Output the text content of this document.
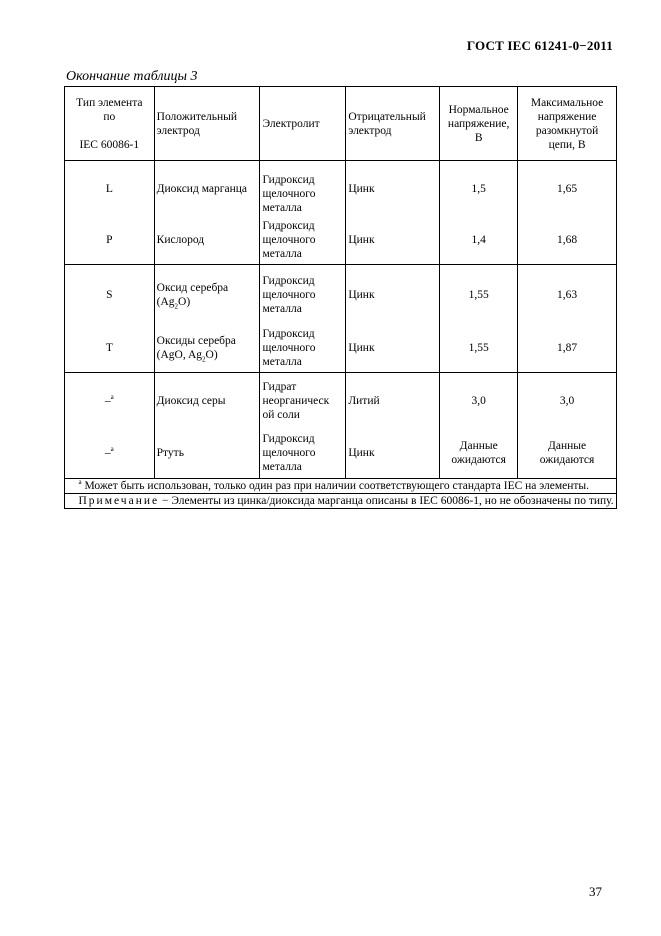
ГОСТ IEC 61241-0−2011
Окончание таблицы 3
Тип элемента
по

IEC 60086-1	Положительный
электрод	Электролит	Отрицательный
электрод	Нормальное
напряжение,
В	Максимальное
напряжение
разомкнутой
цепи, В
L	Диоксид марганца	Гидроксид
щелочного
металла	Цинк	1,5	1,65
P	Кислород	Гидроксид
щелочного
металла	Цинк	1,4	1,68
S	Оксид серебра
$(Ag_2O)$	Гидроксид
щелочного
металла	Цинк	1,55	1,63
T	Оксиды серебра
(AgO, $Ag_2O$)	Гидроксид
щелочного
металла	Цинк	1,55	1,87
–$^а$	Диоксид серы	Гидрат
неорганическ
ой соли	Литий	3,0	3,0
–$^а$	Ртуть	Гидроксид
щелочного
металла	Цинк	Данные
ожидаются	Данные
ожидаются
$^a$ Может быть использован, только один раз при наличии соответствующего стандарта IEC на элементы.					
Примечание − Элементы из цинка/диоксида марганца описаны в IEC 60086-1, но не обозначены по типу.					
37
